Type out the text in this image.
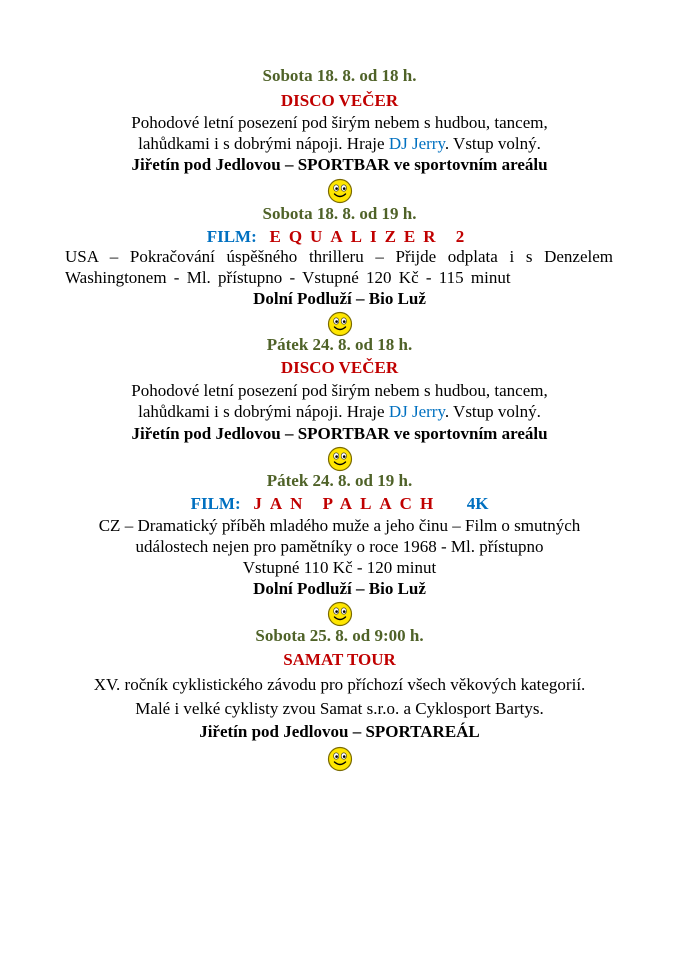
Sobota 18. 8. od 18 h.
DISCO VEČER
Pohodové letní posezení pod širým nebem s hudbou, tancem,
lahůdkami i s dobrými nápoji. Hraje DJ Jerry. Vstup volný.
Jiřetín pod Jedlovou – SPORTBAR ve sportovním areálu
Sobota 18. 8. od 19 h.
FILM: EQUALIZER 2
USA – Pokračování úspěšného thrilleru – Přijde odplata i s Denzelem
Washingtonem - Ml. přístupno - Vstupné 120 Kč - 115 minut
Dolní Podluží – Bio Luž
Pátek 24. 8. od 18 h.
DISCO VEČER
Pohodové letní posezení pod širým nebem s hudbou, tancem,
lahůdkami i s dobrými nápoji. Hraje DJ Jerry. Vstup volný.
Jiřetín pod Jedlovou – SPORTBAR ve sportovním areálu
Pátek 24. 8. od 19 h.
FILM: JAN PALACH 4K
CZ – Dramatický příběh mladého muže a jeho činu – Film o smutných
událostech nejen pro pamětníky o roce 1968 - Ml. přístupno
Vstupné 110 Kč - 120 minut
Dolní Podluží – Bio Luž
Sobota 25. 8. od 9:00 h.
SAMAT TOUR
XV. ročník cyklistického závodu pro příchozí všech věkových kategorií.
Malé i velké cyklisty zvou Samat s.r.o. a Cyklosport Bartys.
Jiřetín pod Jedlovou – SPORTAREÁL
